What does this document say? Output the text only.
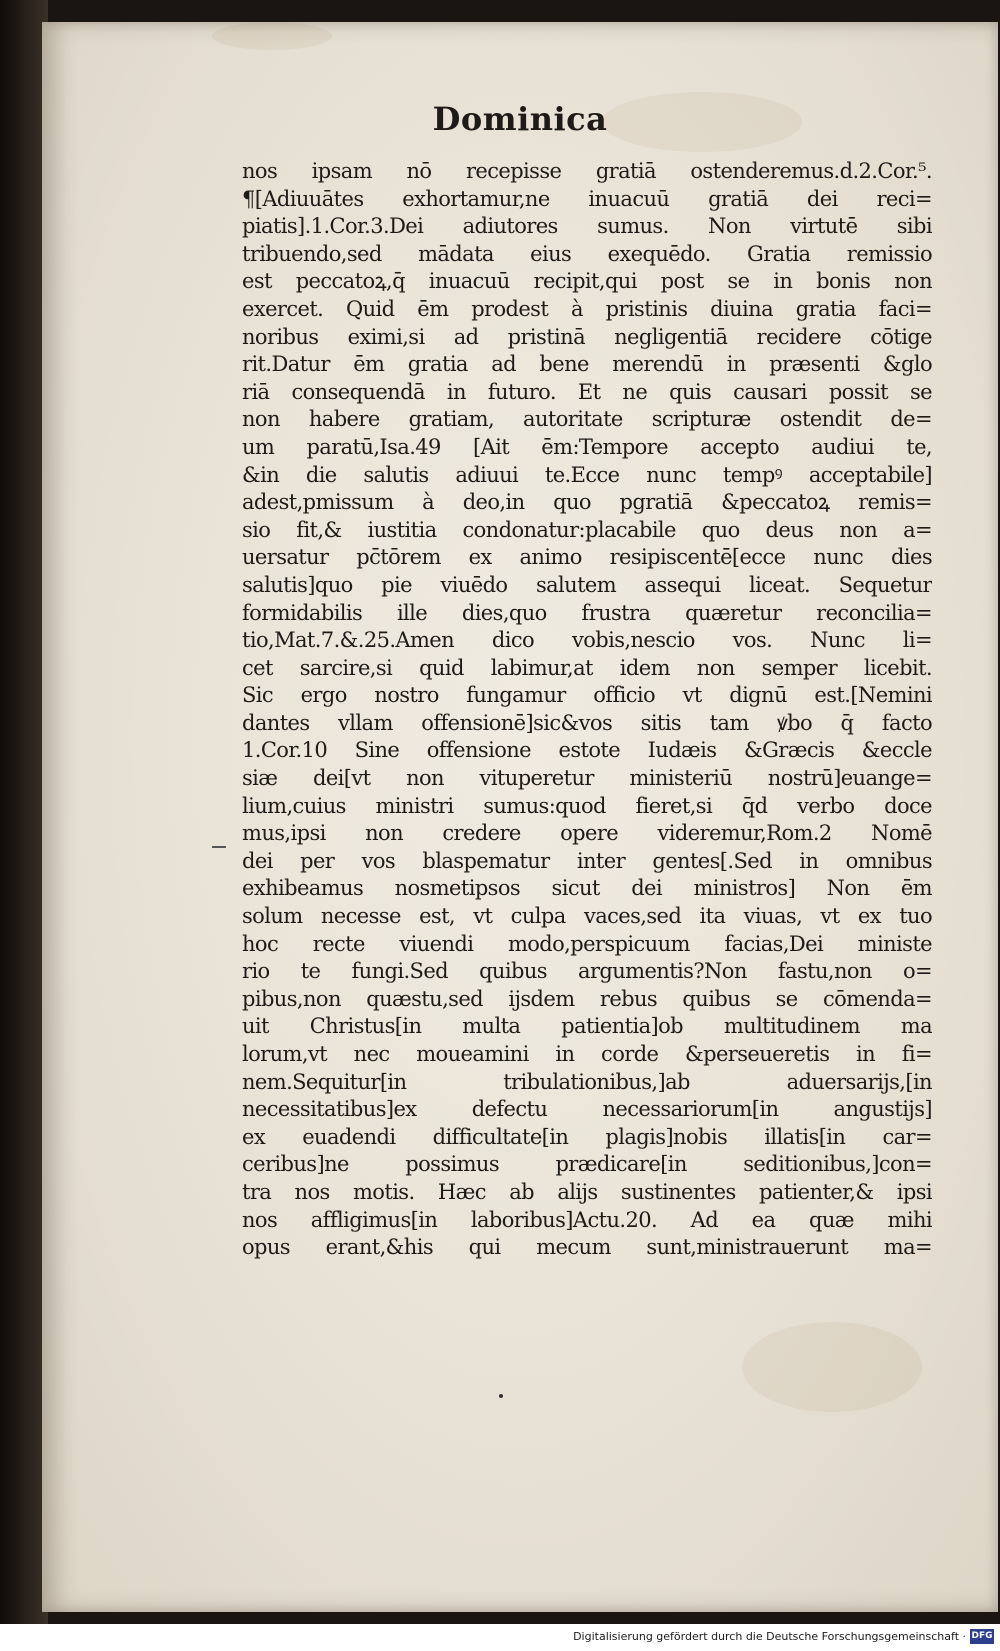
Dominica
nos ipsam nō recepisse gratiā ostenderemus.d.2.Cor.⁵.
¶[Adiuuātes exhortamur,ne inuacuū gratiā dei reci=
piatis].1.Cor.3.Dei adiutores sumus. Non virtutē sibi
tribuendo,sed mādata eius exequēdo. Gratia remissio
est peccatoꝝ,q̄ inuacuū recipit,qui post se in bonis non
exercet. Quid ēm prodest à pristinis diuina gratia faci=
noribus eximi,si ad pristinā negligentiā recidere cōtige
rit.Datur ēm gratia ad bene merendū in præsenti &glo
riā consequendā in futuro. Et ne quis causari possit se
non habere gratiam, autoritate scripturæ ostendit de=
um paratū,Isa.49 [Ait ēm:Tempore accepto audiui te,
&in die salutis adiuui te.Ecce nunc tempꝰ acceptabile]
adest,pmissum à deo,in quo pgratiā &peccatoꝝ remis=
sio fit,& iustitia condonatur:placabile quo deus non a=
uersatur pc̄tōrem ex animo resipiscentē[ecce nunc dies
salutis]quo pie viuēdo salutem assequi liceat. Sequetur
formidabilis ille dies,quo frustra quæretur reconcilia=
tio,Mat.7.&.25.Amen dico vobis,nescio vos. Nunc li=
cet sarcire,si quid labimur,at idem non semper licebit.
Sic ergo nostro fungamur officio vt dignū est.[Nemini
dantes vllam offensionē]sic&vos sitis tam ꝟbo q̄ facto
1.Cor.10 Sine offensione estote Iudæis &Græcis &eccle
siæ dei[vt non vituperetur ministeriū nostrū]euange=
lium,cuius ministri sumus:quod fieret,si q̄d verbo doce
mus,ipsi non credere opere videremur,Rom.2 Nomē
dei per vos blaspematur inter gentes[.Sed in omnibus
exhibeamus nosmetipsos sicut dei ministros] Non ēm
solum necesse est, vt culpa vaces,sed ita viuas, vt ex tuo
hoc recte viuendi modo,perspicuum facias,Dei ministe
rio te fungi.Sed quibus argumentis?Non fastu,non o=
pibus,non quæstu,sed ijsdem rebus quibus se cōmenda=
uit Christus[in multa patientia]ob multitudinem ma
lorum,vt nec moueamini in corde &perseueretis in fi=
nem.Sequitur[in tribulationibus,]ab aduersarijs,[in
necessitatibus]ex defectu necessariorum[in angustijs]
ex euadendi difficultate[in plagis]nobis illatis[in car=
ceribus]ne possimus prædicare[in seditionibus,]con=
tra nos motis. Hæc ab alijs sustinentes patienter,& ipsi
nos affligimus[in laboribus]Actu.20. Ad ea quæ mihi
opus erant,&his qui mecum sunt,ministrauerunt ma=
Digitalisierung gefördert durch die Deutsche Forschungsgemeinschaft · DFG
